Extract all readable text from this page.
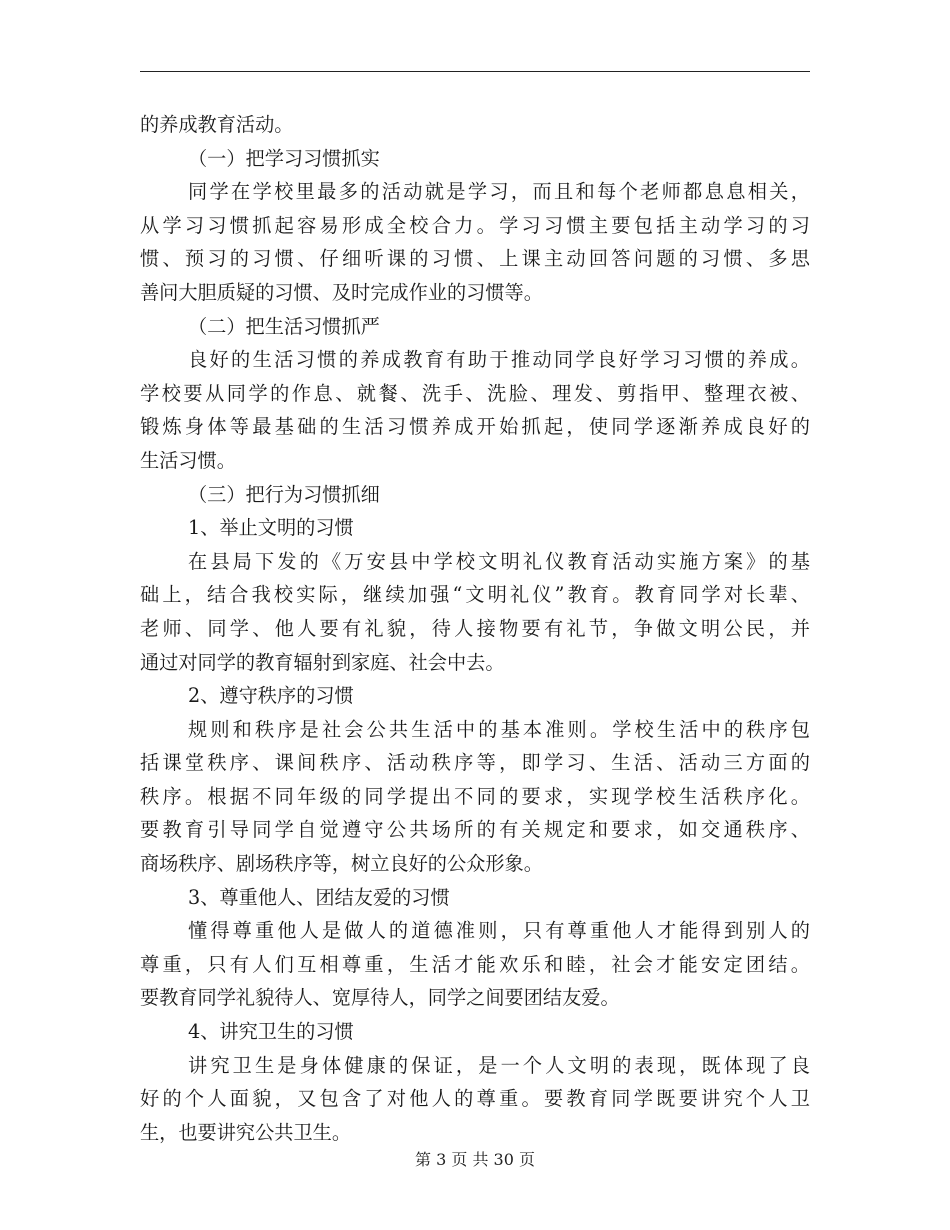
的养成教育活动。
（一）把学习习惯抓实
同学在学校里最多的活动就是学习，而且和每个老师都息息相关，
从学习习惯抓起容易形成全校合力。学习习惯主要包括主动学习的习
惯、预习的习惯、仔细听课的习惯、上课主动回答问题的习惯、多思
善问大胆质疑的习惯、及时完成作业的习惯等。
（二）把生活习惯抓严
良好的生活习惯的养成教育有助于推动同学良好学习习惯的养成。
学校要从同学的作息、就餐、洗手、洗脸、理发、剪指甲、整理衣被、
锻炼身体等最基础的生活习惯养成开始抓起，使同学逐渐养成良好的
生活习惯。
（三）把行为习惯抓细
1、举止文明的习惯
在县局下发的《万安县中学校文明礼仪教育活动实施方案》的基
础上，结合我校实际，继续加强“文明礼仪”教育。教育同学对长辈、
老师、同学、他人要有礼貌，待人接物要有礼节，争做文明公民，并
通过对同学的教育辐射到家庭、社会中去。
2、遵守秩序的习惯
规则和秩序是社会公共生活中的基本准则。学校生活中的秩序包
括课堂秩序、课间秩序、活动秩序等，即学习、生活、活动三方面的
秩序。根据不同年级的同学提出不同的要求，实现学校生活秩序化。
要教育引导同学自觉遵守公共场所的有关规定和要求，如交通秩序、
商场秩序、剧场秩序等，树立良好的公众形象。
3、尊重他人、团结友爱的习惯
懂得尊重他人是做人的道德准则，只有尊重他人才能得到别人的
尊重，只有人们互相尊重，生活才能欢乐和睦，社会才能安定团结。
要教育同学礼貌待人、宽厚待人，同学之间要团结友爱。
4、讲究卫生的习惯
讲究卫生是身体健康的保证，是一个人文明的表现，既体现了良
好的个人面貌，又包含了对他人的尊重。要教育同学既要讲究个人卫
生，也要讲究公共卫生。
第 3 页 共 30 页
